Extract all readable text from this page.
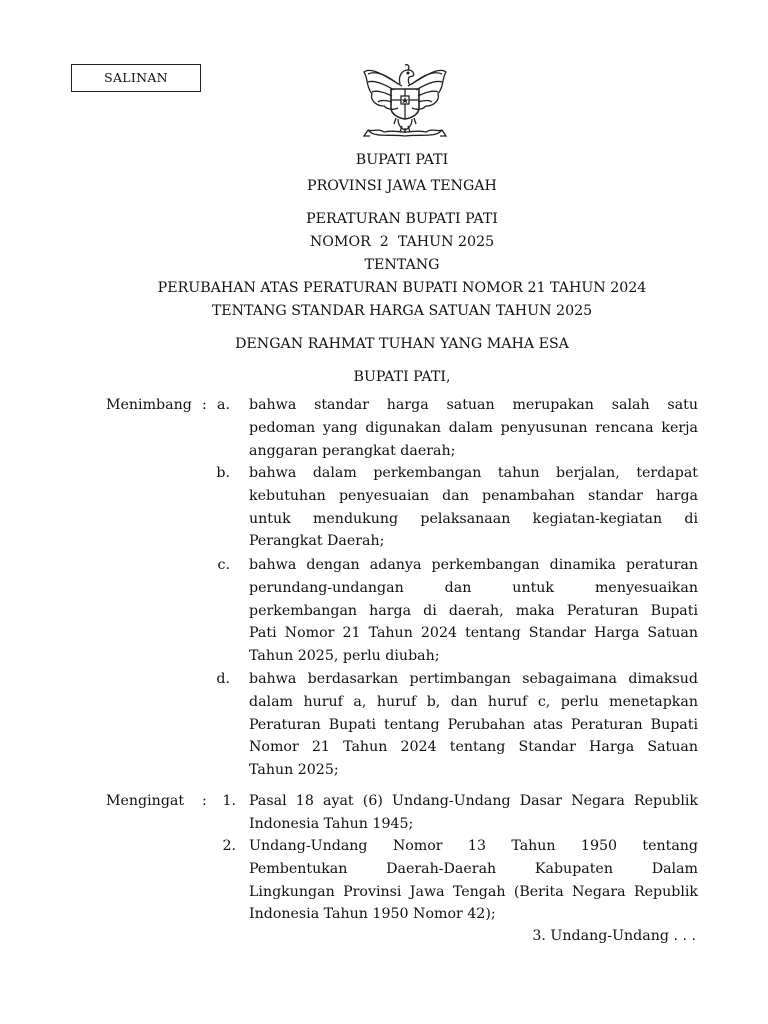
SALINAN
BUPATI PATI
PROVINSI JAWA TENGAH
PERATURAN BUPATI PATI
NOMOR  2  TAHUN 2025
TENTANG
PERUBAHAN ATAS PERATURAN BUPATI NOMOR 21 TAHUN 2024
TENTANG STANDAR HARGA SATUAN TAHUN 2025
DENGAN RAHMAT TUHAN YANG MAHA ESA
BUPATI PATI,
Menimbang : a. bahwa standar harga satuan merupakan salah satu
pedoman yang digunakan dalam penyusunan rencana kerja
anggaran perangkat daerah;
b. bahwa dalam perkembangan tahun berjalan, terdapat
kebutuhan penyesuaian dan penambahan standar harga
untuk mendukung pelaksanaan kegiatan-kegiatan di
Perangkat Daerah;
c. bahwa dengan adanya perkembangan dinamika peraturan
perundang-undangan dan untuk menyesuaikan
perkembangan harga di daerah, maka Peraturan Bupati
Pati Nomor 21 Tahun 2024 tentang Standar Harga Satuan
Tahun 2025, perlu diubah;
d. bahwa berdasarkan pertimbangan sebagaimana dimaksud
dalam huruf a, huruf b, dan huruf c, perlu menetapkan
Peraturan Bupati tentang Perubahan atas Peraturan Bupati
Nomor 21 Tahun 2024 tentang Standar Harga Satuan
Tahun 2025;
Mengingat :	1. Pasal 18 ayat (6) Undang-Undang Dasar Negara Republik
Indonesia Tahun 1945;
2. Undang-Undang Nomor 13 Tahun 1950 tentang
Pembentukan Daerah-Daerah Kabupaten Dalam
Lingkungan Provinsi Jawa Tengah (Berita Negara Republik
Indonesia Tahun 1950 Nomor 42);
3. Undang-Undang . . .
